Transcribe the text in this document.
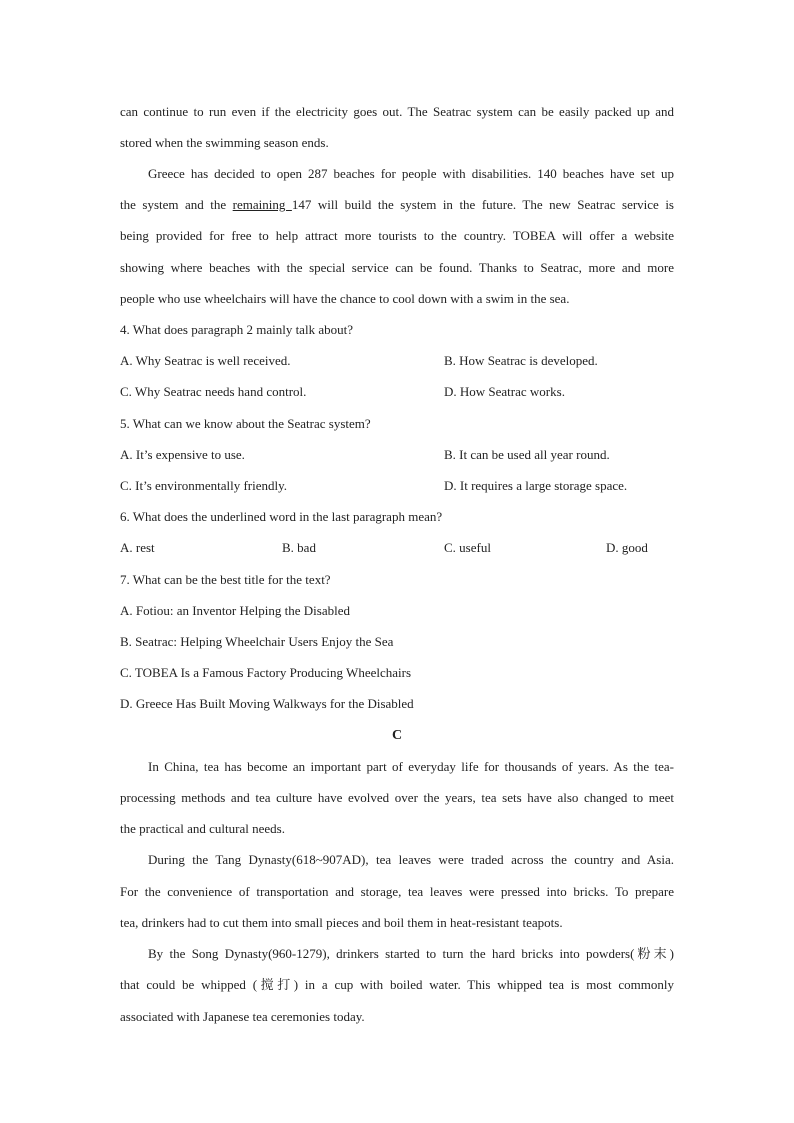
can continue to run even if the electricity goes out. The Seatrac system can be easily packed up and
stored when the swimming season ends.
Greece has decided to open 287 beaches for people with disabilities. 140 beaches have set up
the system and the remaining 147 will build the system in the future. The new Seatrac service is
being provided for free to help attract more tourists to the country. TOBEA will offer a website
showing where beaches with the special service can be found. Thanks to Seatrac, more and more
people who use wheelchairs will have the chance to cool down with a swim in the sea.
4. What does paragraph 2 mainly talk about?
A. Why Seatrac is well received.	B. How Seatrac is developed.
C. Why Seatrac needs hand control.	D. How Seatrac works.
5. What can we know about the Seatrac system?
A. It’s expensive to use.	B. It can be used all year round.
C. It’s environmentally friendly.	D. It requires a large storage space.
6. What does the underlined word in the last paragraph mean?
A. rest	B. bad	C. useful	D. good
7. What can be the best title for the text?
A. Fotiou: an Inventor Helping the Disabled
B. Seatrac: Helping Wheelchair Users Enjoy the Sea
C. TOBEA Is a Famous Factory Producing Wheelchairs
D. Greece Has Built Moving Walkways for the Disabled
C
In China, tea has become an important part of everyday life for thousands of years. As the tea-
processing methods and tea culture have evolved over the years, tea sets have also changed to meet
the practical and cultural needs.
During the Tang Dynasty(618~907AD), tea leaves were traded across the country and Asia.
For the convenience of transportation and storage, tea leaves were pressed into bricks. To prepare
tea, drinkers had to cut them into small pieces and boil them in heat-resistant teapots.
By the Song Dynasty(960-1279), drinkers started to turn the hard bricks into powders(粉末)
that could be whipped (搅打) in a cup with boiled water. This whipped tea is most commonly
associated with Japanese tea ceremonies today.
